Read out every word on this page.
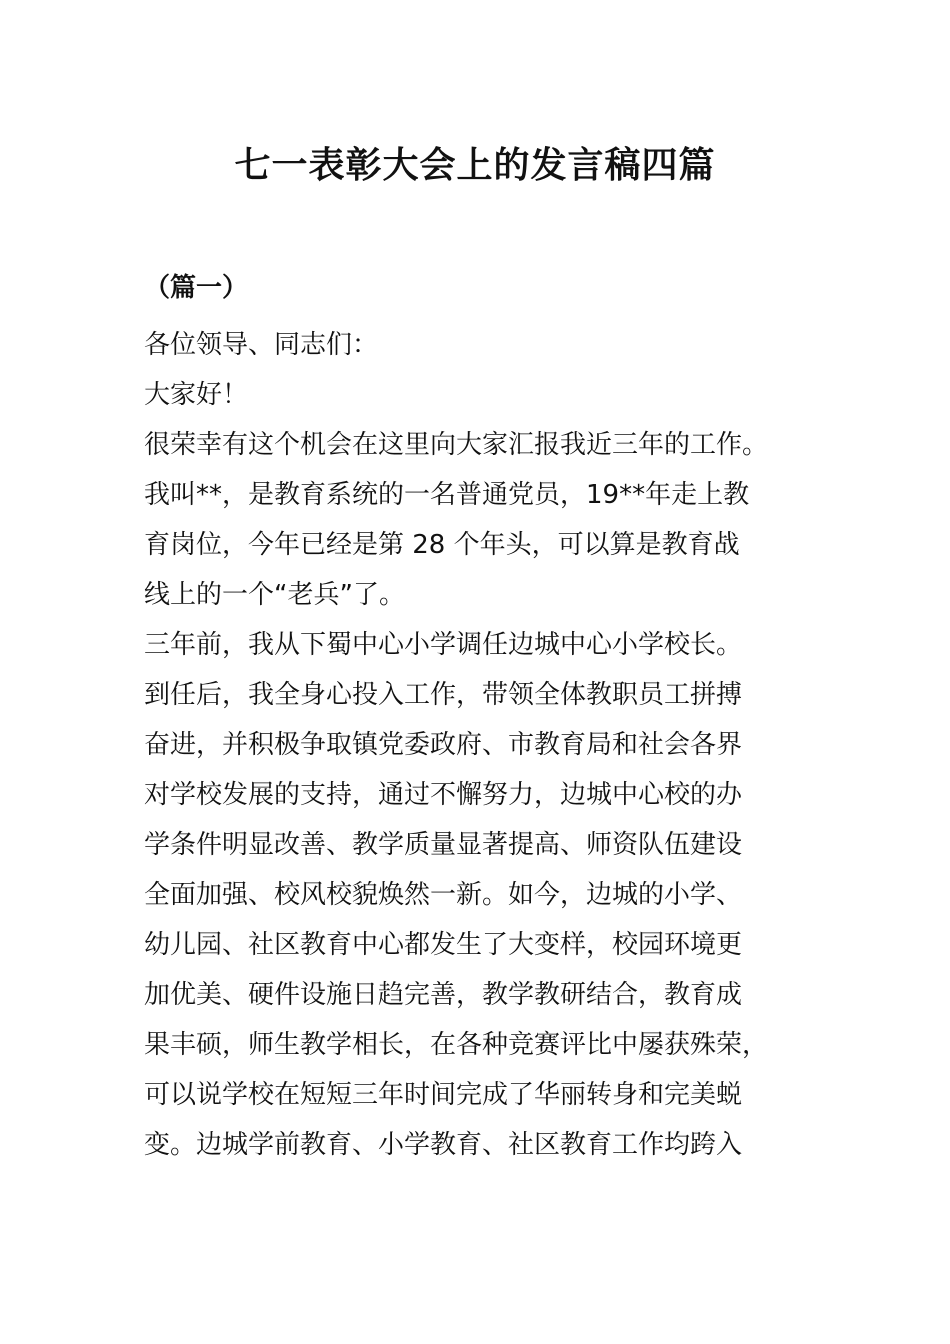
七一表彰大会上的发言稿四篇
（篇一）

各位领导、同志们：

大家好！

很荣幸有这个机会在这里向大家汇报我近三年的工作。

我叫**，是教育系统的一名普通党员，19**年走上教

育岗位，今年已经是第 28 个年头，可以算是教育战

线上的一个“老兵”了。

三年前，我从下蜀中心小学调任边城中心小学校长。

到任后，我全身心投入工作，带领全体教职员工拼搏

奋进，并积极争取镇党委政府、市教育局和社会各界

对学校发展的支持，通过不懈努力，边城中心校的办

学条件明显改善、教学质量显著提高、师资队伍建设

全面加强、校风校貌焕然一新。如今，边城的小学、

幼儿园、社区教育中心都发生了大变样，校园环境更

加优美、硬件设施日趋完善，教学教研结合，教育成

果丰硕，师生教学相长，在各种竞赛评比中屡获殊荣，

可以说学校在短短三年时间完成了华丽转身和完美蜕

变。边城学前教育、小学教育、社区教育工作均跨入
